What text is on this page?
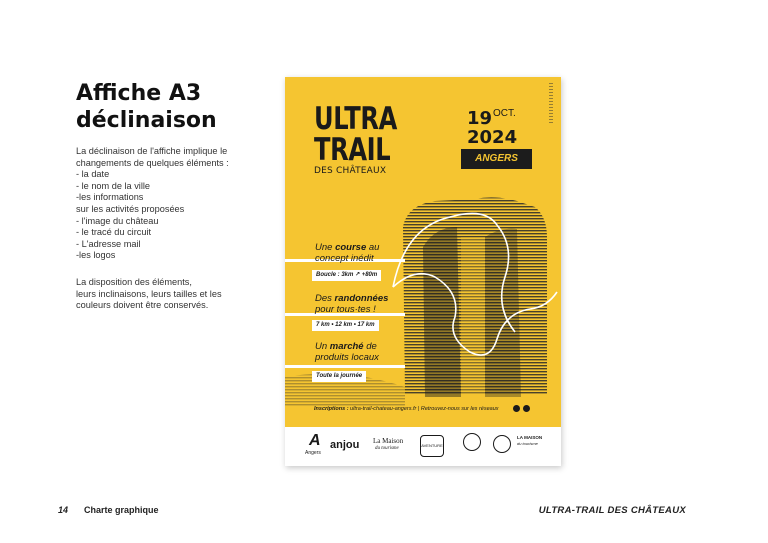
Affiche A3
déclinaison
La déclinaison de l'affiche implique le
changements de quelques éléments :
- la date
- le nom de la ville
-les informations
sur les activités proposées
- l'image du château
- le tracé du circuit
- L'adresse mail
-les logos
La disposition des éléments,
leurs inclinaisons, leurs tailles et les
couleurs doivent être conservés.
ULTRA
TRAIL
DES CHÂTEAUX
19 OCT.
2024
ANGERS
Une course au
concept inédit
Boucle : 3km ↗ +80m
Des randonnées
pour tous·tes !
7 km • 12 km • 17 km
Un marché de
produits locaux
Toute la journée
Inscriptions : ultra-trail-chateau-angers.fr | Retrouvez-nous sur les réseaux
A
Angers
anjou La Maison
du tourisme
AVENTURE
LA MAISON
du tourisme
14 Charte graphique	ULTRA-TRAIL DES CHÂTEAUX
